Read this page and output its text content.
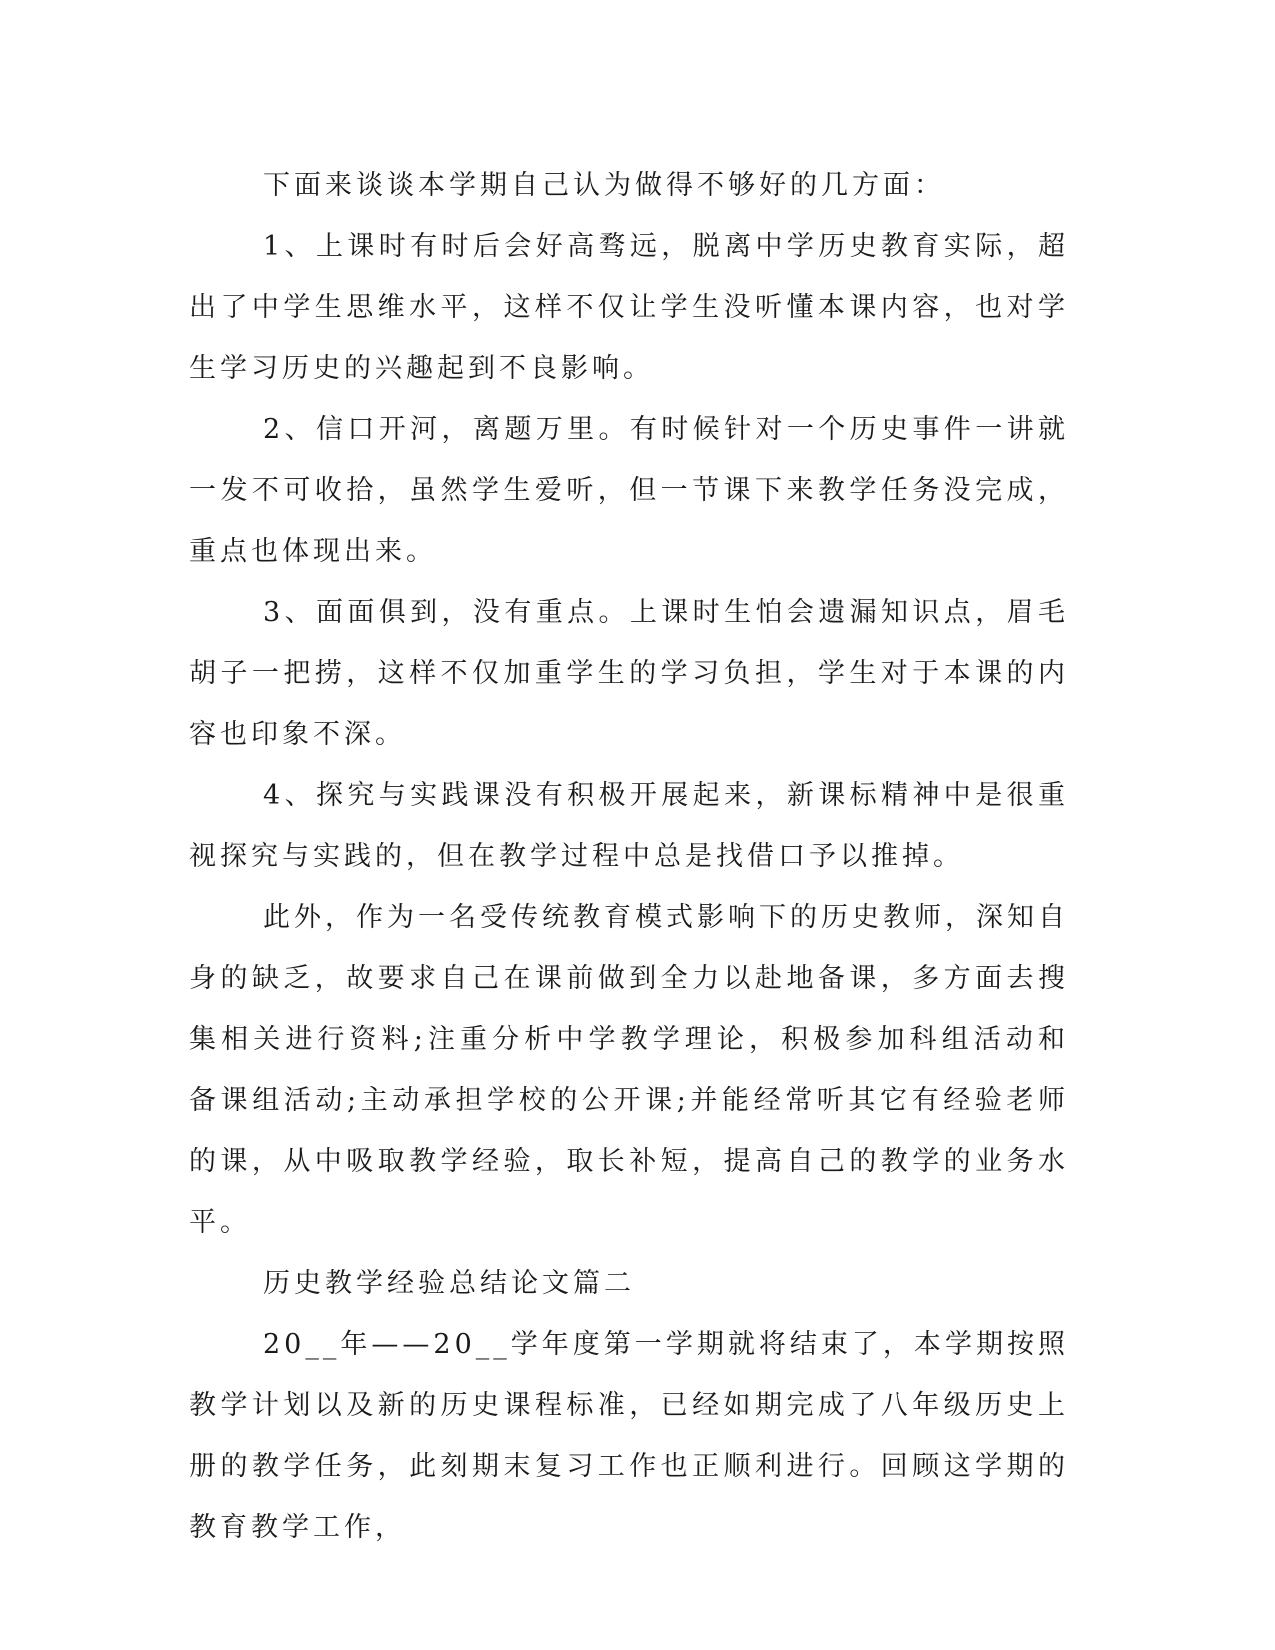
下面来谈谈本学期自己认为做得不够好的几方面：

1、上课时有时后会好高骛远，脱离中学历史教育实际，超出了中学生思维水平，这样不仅让学生没听懂本课内容，也对学生学习历史的兴趣起到不良影响。

2、信口开河，离题万里。有时候针对一个历史事件一讲就一发不可收拾，虽然学生爱听，但一节课下来教学任务没完成，重点也体现出来。

3、面面俱到，没有重点。上课时生怕会遗漏知识点，眉毛胡子一把捞，这样不仅加重学生的学习负担，学生对于本课的内容也印象不深。

4、探究与实践课没有积极开展起来，新课标精神中是很重视探究与实践的，但在教学过程中总是找借口予以推掉。

此外，作为一名受传统教育模式影响下的历史教师，深知自身的缺乏，故要求自己在课前做到全力以赴地备课，多方面去搜集相关进行资料;注重分析中学教学理论，积极参加科组活动和备课组活动;主动承担学校的公开课;并能经常听其它有经验老师的课，从中吸取教学经验，取长补短，提高自己的教学的业务水平。

历史教学经验总结论文篇二

20__年——20__学年度第一学期就将结束了，本学期按照教学计划以及新的历史课程标准，已经如期完成了八年级历史上册的教学任务，此刻期末复习工作也正顺利进行。回顾这学期的教育教学工作，
